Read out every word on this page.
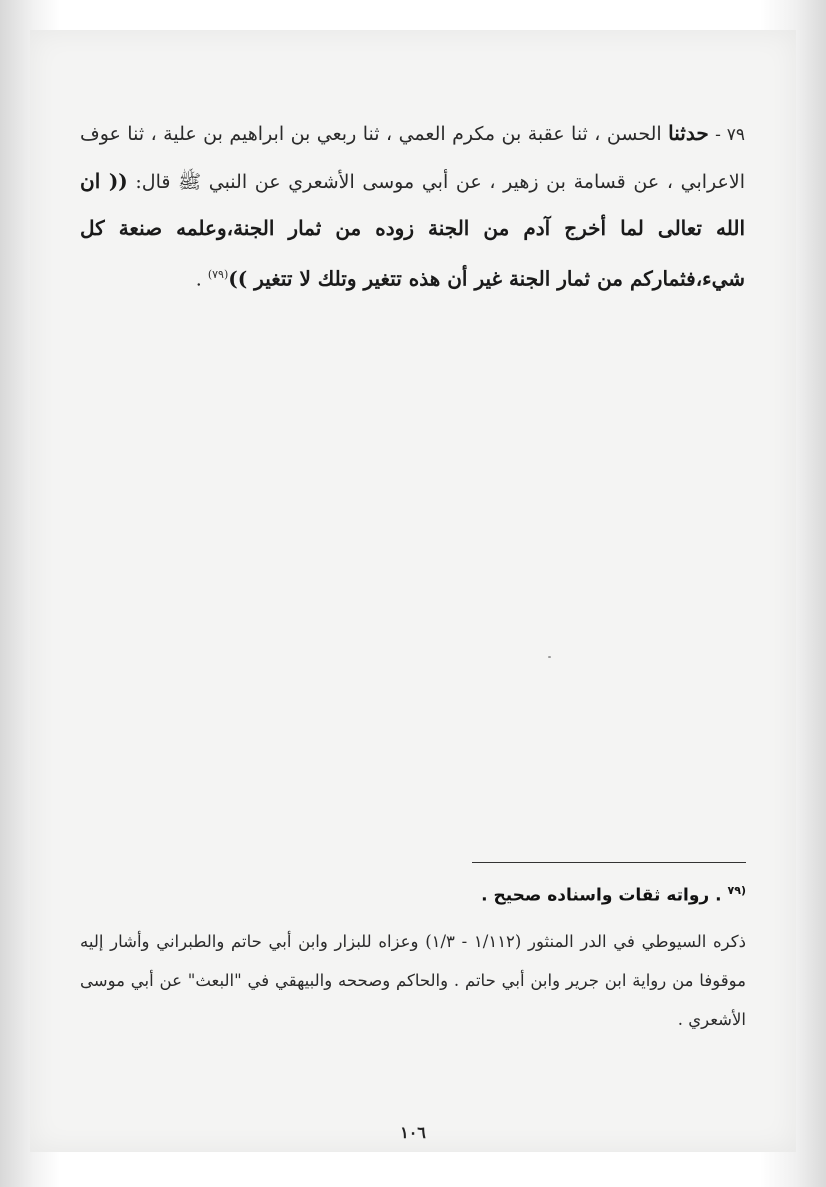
٧٩ - حدثنا الحسن ، ثنا عقبة بن مكرم العمي ، ثنا ربعي بن ابراهيم بن علية ، ثنا عوف الاعرابي ، عن قسامة بن زهير ، عن أبي موسى الأشعري عن النبي ﷺ قال: (( ان الله تعالى لما أخرج آدم من الجنة زوده من ثمار الجنة،وعلمه صنعة كل شيء،فثماركم من ثمار الجنة غير أن هذه تتغير وتلك لا تتغير ))$^{(٧٩)}$ .
$^{(٧٩}$ . رواته ثقات واسناده صحيح .
ذكره السيوطي في الدر المنثور (١/١١٢ - ١/٣) وعزاه للبزار وابن أبي حاتم والطبراني وأشار إليه موقوفا من رواية ابن جرير وابن أبي حاتم . والحاكم وصححه والبيهقي في "البعث" عن أبي موسى الأشعري .
١٠٦
